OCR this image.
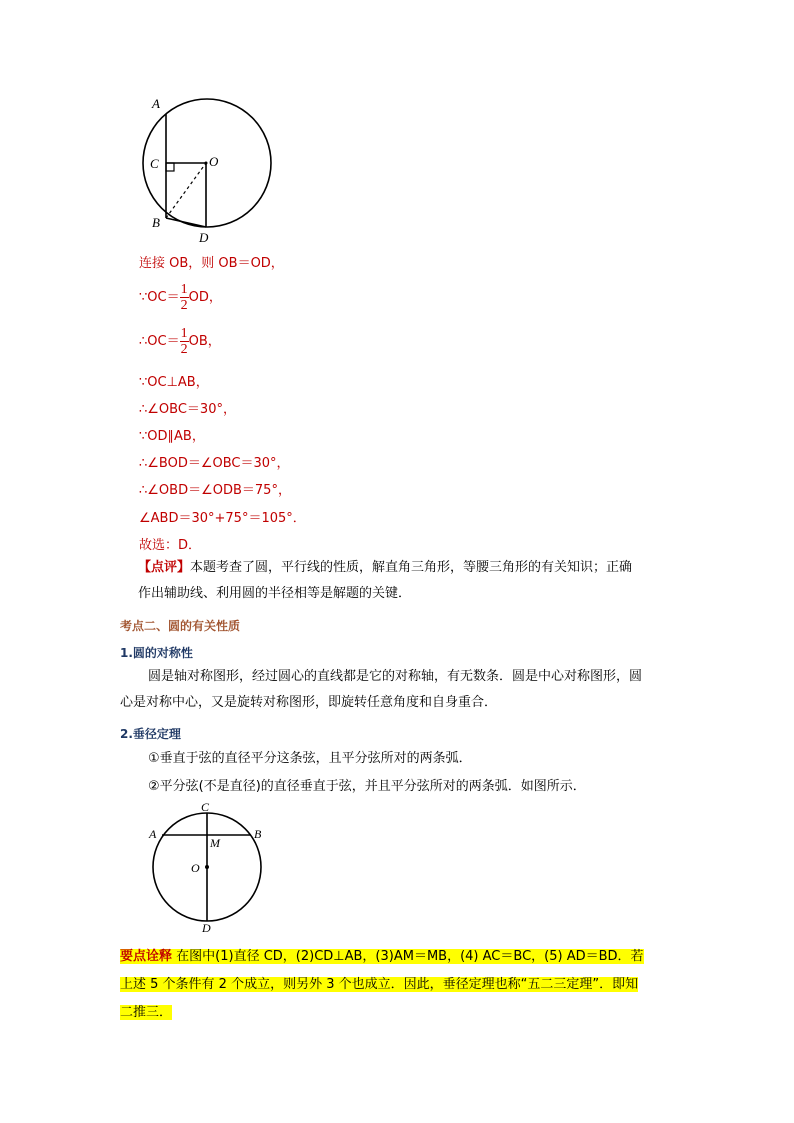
A
C	O
B
D
连接 OB，则 OB＝OD，
∵OC＝ $\frac{1}{2}$ OD，
∴OC＝ $\frac{1}{2}$ OB，
∵OC⊥AB，
∴∠OBC＝30°，
∵OD∥AB，
∴∠BOD＝∠OBC＝30°，
∴∠OBD＝∠ODB＝75°，
∠ABD＝30°+75°＝105°．
故选：D．
【点评】本题考查了圆，平行线的性质，解直角三角形，等腰三角形的有关知识；正确
作出辅助线、利用圆的半径相等是解题的关键．
考点二、圆的有关性质
1.圆的对称性
圆是轴对称图形，经过圆心的直线都是它的对称轴，有无数条．圆是中心对称图形，圆
心是对称中心，又是旋转对称图形，即旋转任意角度和自身重合．
2.垂径定理
①垂直于弦的直径平分这条弦，且平分弦所对的两条弧．
②平分弦(不是直径)的直径垂直于弦，并且平分弦所对的两条弧．如图所示．
C
A	B
M
O
D
要点诠释 在图中(1)直径 CD，(2)CD⊥AB，(3)AM＝MB，(4) AC＝BC，(5) AD＝BD．若
上述 5 个条件有 2 个成立，则另外 3 个也成立．因此，垂径定理也称“五二三定理”．即知
二推三．
